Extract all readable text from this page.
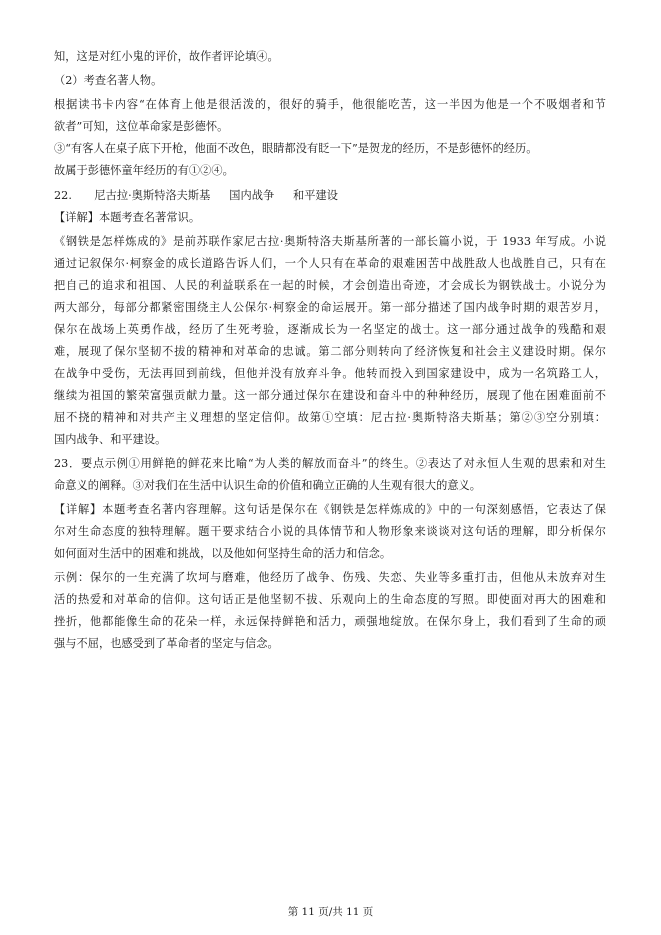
知，这是对红小鬼的评价，故作者评论填④。
（2）考查名著人物。
根据读书卡内容“在体育上他是很活泼的，很好的骑手，他很能吃苦，这一半因为他是一个不吸烟者和节
欲者”可知，这位革命家是彭德怀。
③“有客人在桌子底下开枪，他面不改色，眼睛都没有眨一下”是贺龙的经历，不是彭德怀的经历。
故属于彭德怀童年经历的有①②④。
22.　　尼古拉·奥斯特洛夫斯基　 国内战争　 和平建设
【详解】本题考查名著常识。
《钢铁是怎样炼成的》是前苏联作家尼古拉·奥斯特洛夫斯基所著的一部长篇小说，于 1933 年写成。小说
通过记叙保尔·柯察金的成长道路告诉人们，一个人只有在革命的艰难困苦中战胜敌人也战胜自己，只有在
把自己的追求和祖国、人民的利益联系在一起的时候，才会创造出奇迹，才会成长为钢铁战士。小说分为
两大部分，每部分都紧密围绕主人公保尔·柯察金的命运展开。第一部分描述了国内战争时期的艰苦岁月，
保尔在战场上英勇作战，经历了生死考验，逐渐成长为一名坚定的战士。这一部分通过战争的残酷和艰
难，展现了保尔坚韧不拔的精神和对革命的忠诚。第二部分则转向了经济恢复和社会主义建设时期。保尔
在战争中受伤，无法再回到前线，但他并没有放弃斗争。他转而投入到国家建设中，成为一名筑路工人，
继续为祖国的繁荣富强贡献力量。这一部分通过保尔在建设和奋斗中的种种经历，展现了他在困难面前不
屈不挠的精神和对共产主义理想的坚定信仰。故第①空填：尼古拉·奥斯特洛夫斯基；第②③空分别填：
国内战争、和平建设。
23．要点示例①用鲜艳的鲜花来比喻“为人类的解放而奋斗”的终生。②表达了对永恒人生观的思索和对生
命意义的阐释。③对我们在生活中认识生命的价值和确立正确的人生观有很大的意义。
【详解】本题考查名著内容理解。这句话是保尔在《钢铁是怎样炼成的》中的一句深刻感悟，它表达了保
尔对生命态度的独特理解。题干要求结合小说的具体情节和人物形象来谈谈对这句话的理解，即分析保尔
如何面对生活中的困难和挑战，以及他如何坚持生命的活力和信念。
示例：保尔的一生充满了坎坷与磨难，他经历了战争、伤残、失恋、失业等多重打击，但他从未放弃对生
活的热爱和对革命的信仰。这句话正是他坚韧不拔、乐观向上的生命态度的写照。即使面对再大的困难和
挫折，他都能像生命的花朵一样，永远保持鲜艳和活力，顽强地绽放。在保尔身上，我们看到了生命的顽
强与不屈，也感受到了革命者的坚定与信念。
第 11 页/共 11 页
